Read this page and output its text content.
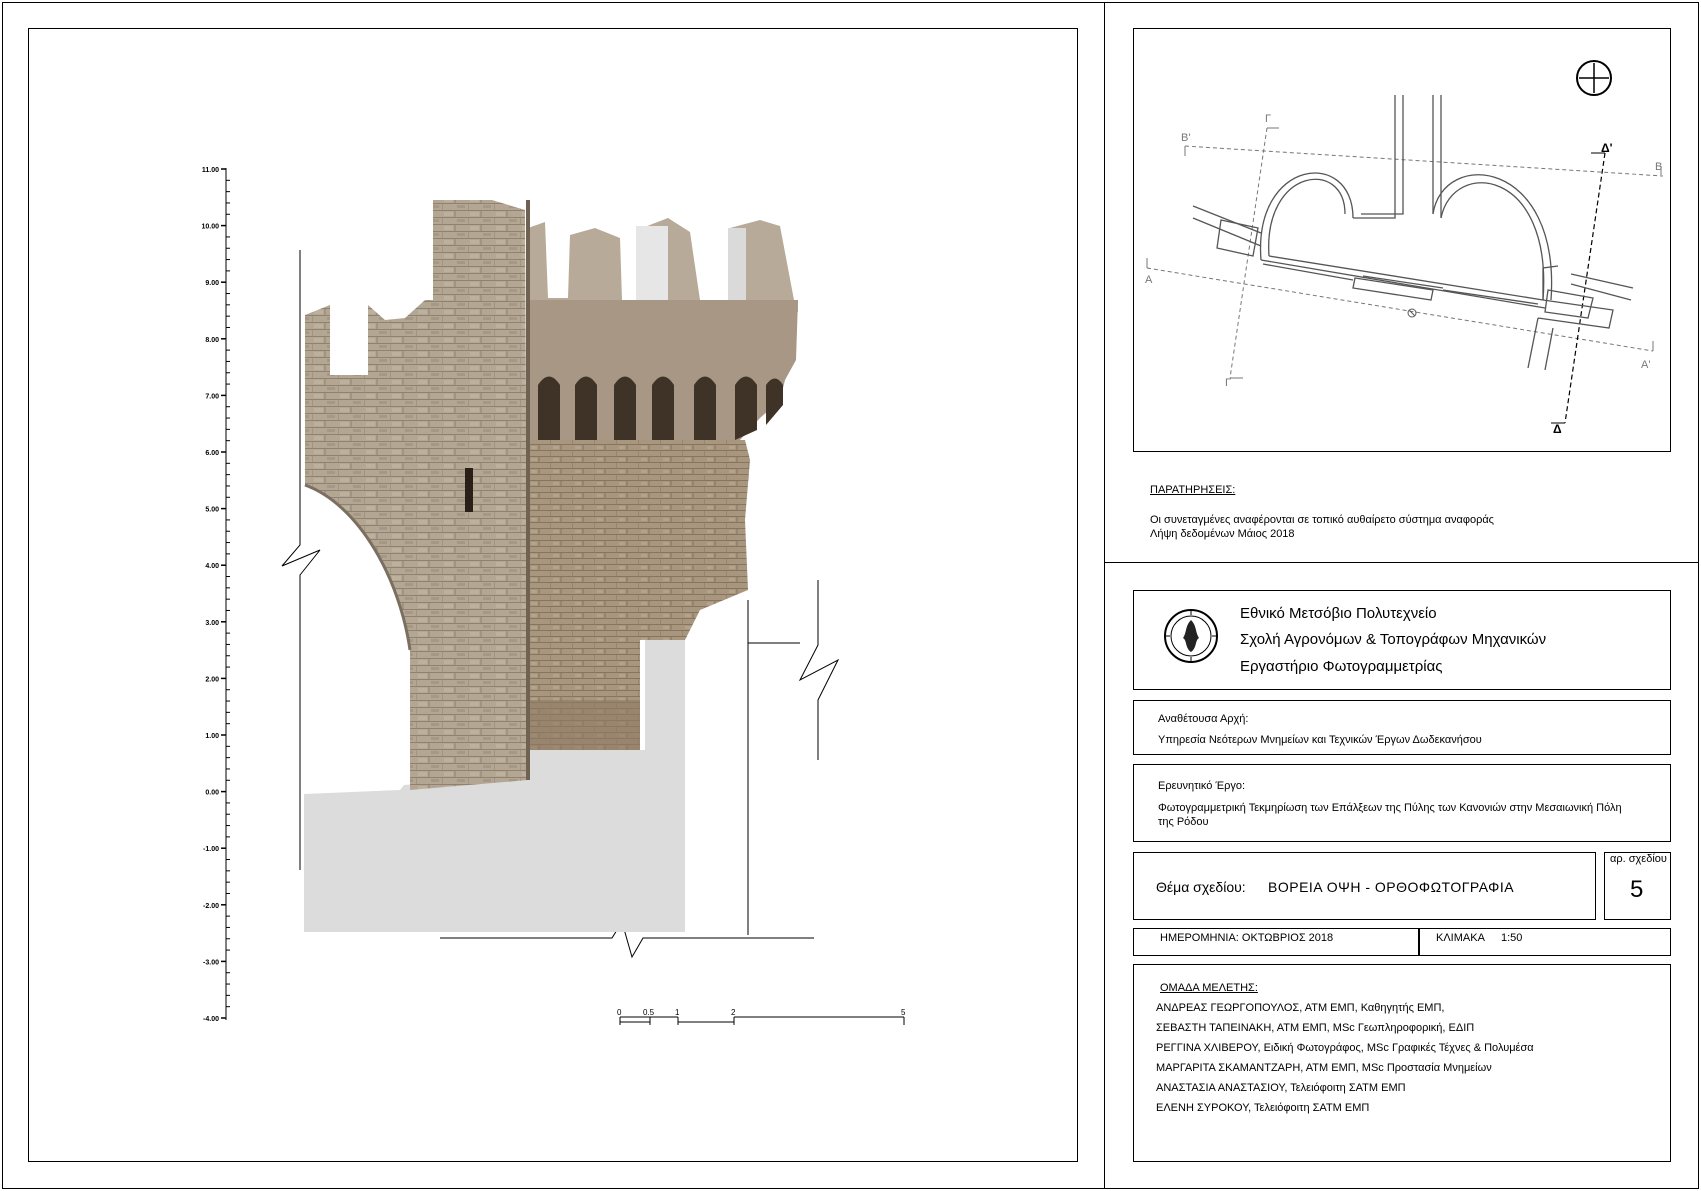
11.00
10.00
9.00
8.00
7.00
6.00
5.00
4.00
3.00
2.00
1.00
0.00
-1.00
-2.00
-3.00
-4.00
0	0.5	1	2	5
Β'
Β
Γ
Γ
Α
Α'
Δ'
Δ
ΠΑΡΑΤΗΡΗΣΕΙΣ:
Οι συνεταγμένες αναφέρονται σε τοπικό αυθαίρετο σύστημα αναφοράς
Λήψη δεδομένων Μάιος 2018
Εθνικό Μετσόβιο Πολυτεχνείο
Σχολή Αγρονόμων & Τοπογράφων Μηχανικών
Εργαστήριο Φωτογραμμετρίας
Αναθέτουσα Αρχή:
Υπηρεσία Νεότερων Μνημείων και Τεχνικών Έργων Δωδεκανήσου
Ερευνητικό Έργο:
Φωτογραμμετρική Τεκμηρίωση των Επάλξεων της Πύλης των Κανονιών στην Μεσαιωνική Πόλη
της Ρόδου
Θέμα σχεδίου: ΒΟΡΕΙΑ ΟΨΗ - ΟΡΘΟΦΩΤΟΓΡΑΦΙΑ
αρ. σχεδίου
5
ΗΜΕΡΟΜΗΝΙΑ: ΟΚΤΩΒΡΙΟΣ 2018	ΚΛΙΜΑΚΑ 1:50
ΟΜΑΔΑ ΜΕΛΕΤΗΣ:
ΑΝΔΡΕΑΣ ΓΕΩΡΓΟΠΟΥΛΟΣ, ΑΤΜ ΕΜΠ, Καθηγητής ΕΜΠ,
ΣΕΒΑΣΤΗ ΤΑΠΕΙΝΑΚΗ, ΑΤΜ ΕΜΠ, MSc Γεωπληροφορική, ΕΔΙΠ
ΡΕΓΓΙΝΑ ΧΛΙΒΕΡΟΥ, Ειδική Φωτογράφος, MSc Γραφικές Τέχνες & Πολυμέσα
ΜΑΡΓΑΡΙΤΑ ΣΚΑΜΑΝΤΖΑΡΗ, ΑΤΜ ΕΜΠ, MSc Προστασία Μνημείων
ΑΝΑΣΤΑΣΙΑ ΑΝΑΣΤΑΣΙΟΥ, Τελειόφοιτη ΣΑΤΜ ΕΜΠ
ΕΛΕΝΗ ΣΥΡΟΚΟΥ, Τελειόφοιτη ΣΑΤΜ ΕΜΠ
